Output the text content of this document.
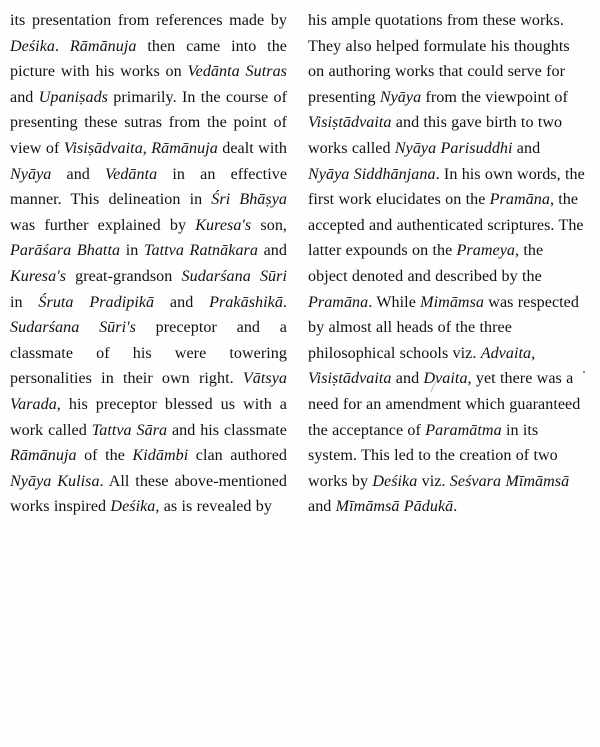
its presentation from references made by Deśika. Rāmānuja then came into the picture with his works on Vedānta Sutras and Upaniṣads primarily. In the course of presenting these sutras from the point of view of Visiṣādvaita, Rāmānuja dealt with Nyāya and Vedānta in an effective manner. This delineation in Śri Bhāṣya was further explained by Kuresa's son, Parāśara Bhatta in Tattva Ratnākara and Kuresa's great-grandson Sudarśana Sūri in Śruta Pradipikā and Prakāshikā. Sudarśana Sūri's preceptor and a classmate of his were towering personalities in their own right. Vātsya Varada, his preceptor blessed us with a work called Tattva Sāra and his classmate Rāmānuja of the Kidāmbi clan authored Nyāya Kulisa. All these above-mentioned works inspired Deśika, as is revealed by

his ample quotations from these works. They also helped formulate his thoughts on authoring works that could serve for presenting Nyāya from the viewpoint of Visiṣtādvaita and this gave birth to two works called Nyāya Parisuddhi and Nyāya Siddhānjana. In his own words, the first work elucidates on the Pramāna, the accepted and authenticated scriptures. The latter expounds on the Prameya, the object denoted and described by the Pramāna. While Mimāmsa was respected by almost all heads of the three philosophical schools viz. Advaita, Visiṣtādvaita and Dvaita, yet there was a need for an amendment which guaranteed the acceptance of Paramātma in its system. This led to the creation of two works by Deśika viz. Seśvara Mīmāmsā and Mīmāmsā Pādukā.
